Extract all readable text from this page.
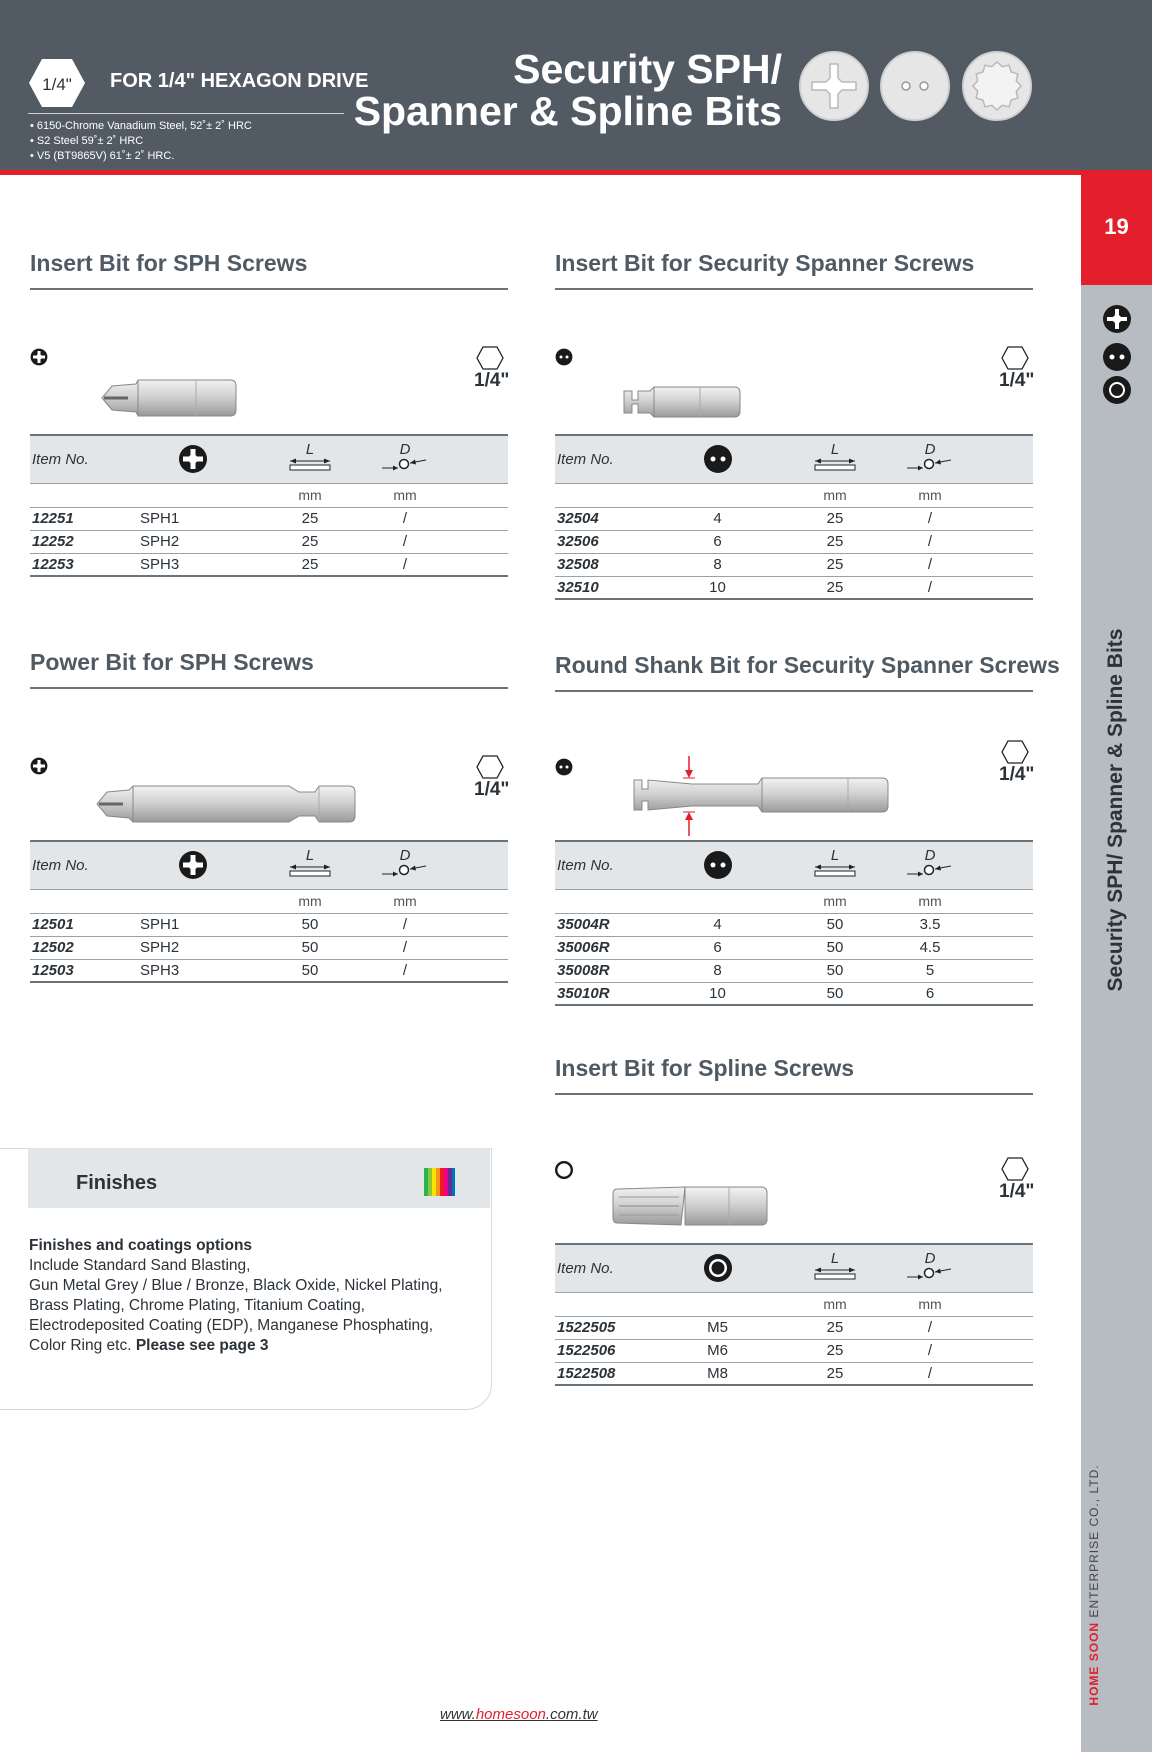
1/4" FOR 1/4" HEXAGON DRIVE
• 6150-Chrome Vanadium Steel, 52˚± 2˚ HRC
• S2 Steel 59˚± 2˚ HRC
• V5 (BT9865V) 61˚± 2˚ HRC.
Security SPH/
Spanner & Spline Bits
19
Security SPH/ Spanner & Spline Bits
HOME SOON ENTERPRISE CO., LTD.
Insert Bit for SPH Screws
1/4"
Item No.		L	D	

		mm	mm	
12251	SPH1	25	/	
12252	SPH2	25	/	
12253	SPH3	25	/	
Insert Bit for Security Spanner Screws
1/4"
Item No.		L	D	

		mm	mm	
32504	4	25	/	
32506	6	25	/	
32508	8	25	/	
32510	10	25	/	
Power Bit for SPH Screws
1/4"
Item No.		L	D	

		mm	mm	
12501	SPH1	50	/	
12502	SPH2	50	/	
12503	SPH3	50	/	
Round Shank Bit for Security Spanner Screws
1/4"
Item No.		L	D	

		mm	mm	
35004R	4	50	3.5	
35006R	6	50	4.5	
35008R	8	50	5	
35010R	10	50	6	
Insert Bit for Spline Screws
1/4"
Item No.		L	D	

		mm	mm	
1522505	M5	25	/	
1522506	M6	25	/	
1522508	M8	25	/	
Finishes
Finishes and coatings options
Include Standard Sand Blasting,
Gun Metal Grey / Blue / Bronze, Black Oxide, Nickel Plating,
Brass Plating, Chrome Plating, Titanium Coating,
Electrodeposited Coating (EDP), Manganese Phosphating,
Color Ring etc. Please see page 3
www.homesoon.com.tw
